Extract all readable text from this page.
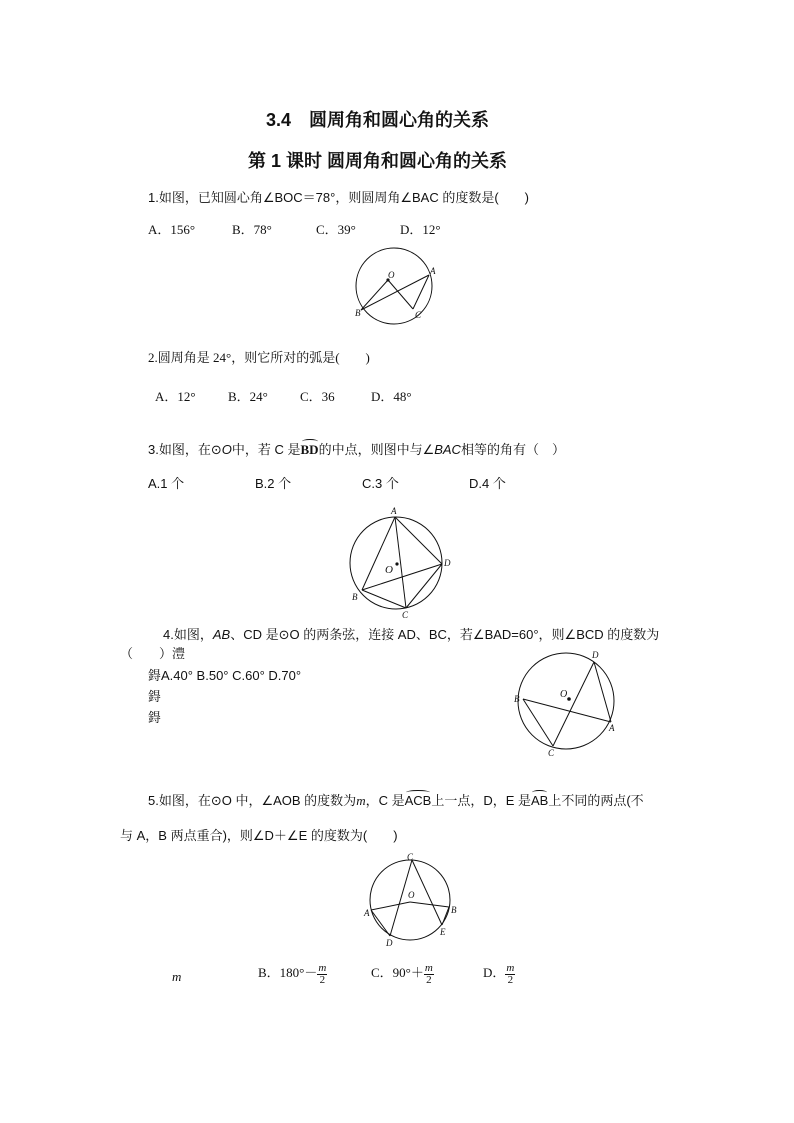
3.4　圆周角和圆心角的关系
第 1 课时 圆周角和圆心角的关系
1.如图，已知圆心角∠BOC＝78°，则圆周角∠BAC 的度数是(　　)
A．156°	B．78°	C．39°	D．12°
O	A
B	C
2.圆周角是 24°，则它所对的弧是(　　)
A．12° B．24° C．36	D．48°
3.如图，在⊙O中，若 C 是BD的中点，则图中与∠BAC相等的角有（　）
A.1 个	B.2 个	C.3 个	D.4 个
A
D
B
C
O
4.如图，AB、CD 是⊙O 的两条弦，连接 AD、BC，若∠BAD=60°，则∠BCD 的度数为
（　　）澧
鍀A.40° B.50° C.60° D.70°
鍀
鍀
O
D
B
A
C
5.如图，在⊙O 中，∠AOB 的度数为m，C 是ACB上一点，D，E 是AB上不同的两点(不
与 A，B 两点重合)，则∠D＋∠E 的度数为(　　)
C
O
A	B
D
E
m	B．$180^\circ- \frac{m}{2}$	C．$90^\circ+ \frac{m}{2}$	D． $\frac{m}{2}$
